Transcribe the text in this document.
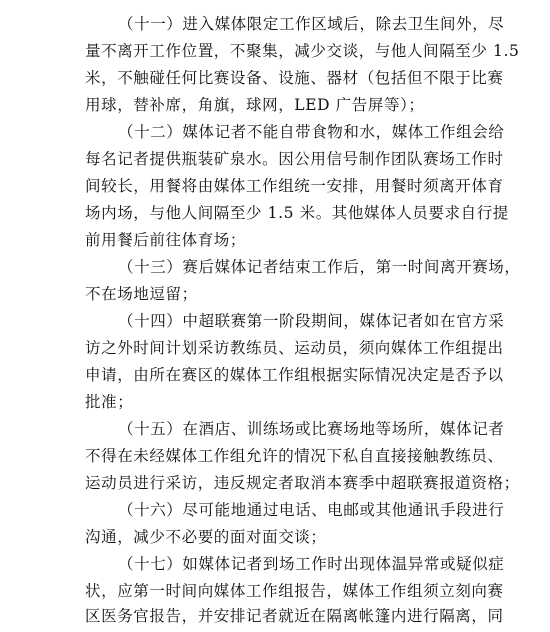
（十一）进入媒体限定工作区域后，除去卫生间外，尽
量不离开工作位置，不聚集，减少交谈，与他人间隔至少 1.5
米，不触碰任何比赛设备、设施、器材（包括但不限于比赛
用球，替补席，角旗，球网，LED 广告屏等）；
（十二）媒体记者不能自带食物和水，媒体工作组会给
每名记者提供瓶装矿泉水。因公用信号制作团队赛场工作时
间较长，用餐将由媒体工作组统一安排，用餐时须离开体育
场内场，与他人间隔至少 1.5 米。其他媒体人员要求自行提
前用餐后前往体育场；
（十三）赛后媒体记者结束工作后，第一时间离开赛场，
不在场地逗留；
（十四）中超联赛第一阶段期间，媒体记者如在官方采
访之外时间计划采访教练员、运动员，须向媒体工作组提出
申请，由所在赛区的媒体工作组根据实际情况决定是否予以
批准；
（十五）在酒店、训练场或比赛场地等场所，媒体记者
不得在未经媒体工作组允许的情况下私自直接接触教练员、
运动员进行采访，违反规定者取消本赛季中超联赛报道资格；
（十六）尽可能地通过电话、电邮或其他通讯手段进行
沟通，减少不必要的面对面交谈；
（十七）如媒体记者到场工作时出现体温异常或疑似症
状，应第一时间向媒体工作组报告，媒体工作组须立刻向赛
区医务官报告，并安排记者就近在隔离帐篷内进行隔离，同
